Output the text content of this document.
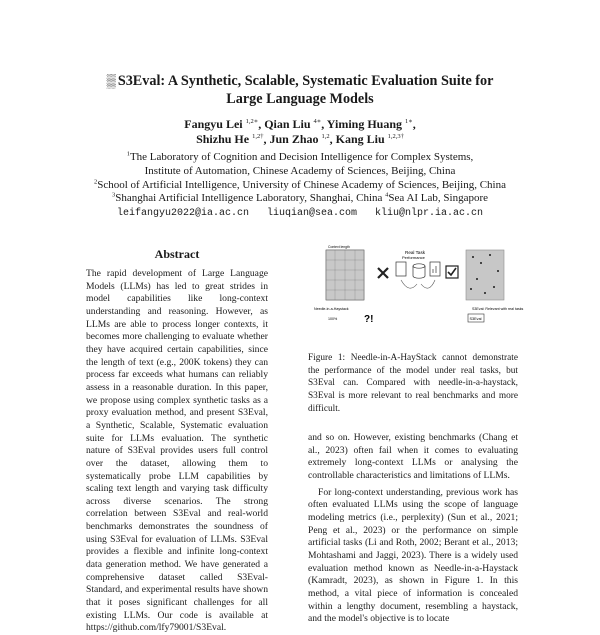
▒ S3Eval: A Synthetic, Scalable, Systematic Evaluation Suite for
Large Language Models
Fangyu Lei $^{1,2∗}$, Qian Liu $^{4∗}$, Yiming Huang $^{1∗}$,
Shizhu He $^{1,2\dagger}$, Jun Zhao $^{1,2}$, Kang Liu $^{1,2,3\dagger}$
$^1$The Laboratory of Cognition and Decision Intelligence for Complex Systems,
Institute of Automation, Chinese Academy of Sciences, Beijing, China
$^2$School of Artificial Intelligence, University of Chinese Academy of Sciences, Beijing, China
$^3$Shanghai Artificial Intelligence Laboratory, Shanghai, China $^4$Sea AI Lab, Singapore
leifangyu2022@ia.ac.cn   liuqian@sea.com   kliu@nlpr.ia.ac.cn
Abstract

The rapid development of Large Language Models (LLMs) has led to great strides in model capabilities like long-context understanding and reasoning. However, as LLMs are able to process longer contexts, it becomes more challenging to evaluate whether they have acquired certain capabilities, since the length of text (e.g., 200K tokens) they can process far exceeds what humans can reliably assess in a reasonable duration. In this paper, we propose using complex synthetic tasks as a proxy evaluation method, and present S3Eval, a Synthetic, Scalable, Systematic evaluation suite for LLMs evaluation. The synthetic nature of S3Eval provides users full control over the dataset, allowing them to systematically probe LLM capabilities by scaling text length and varying task difficulty across diverse scenarios. The strong correlation between S3Eval and real-world benchmarks demonstrates the soundness of using S3Eval for evaluation of LLMs. S3Eval provides a flexible and infinite long-context data generation method. We have generated a comprehensive dataset called S3Eval-Standard, and experimental results have shown that it poses significant challenges for all existing LLMs. Our code is available at https://github.com/lfy79001/S3Eval.

Context length
Needle-in-a-Haystack
100%	?!
Real Task
Performance
S3Eval: Relevant with real tasks
S3Eval
Figure 1: Needle-in-A-HayStack cannot demonstrate the performance of the model under real tasks, but S3Eval can. Compared with needle-in-a-haystack, S3Eval is more relevant to real benchmarks and more difficult.

and so on. However, existing benchmarks (Chang et al., 2023) often fail when it comes to evaluating extremely long-context LLMs or analysing the controllable characteristics and limitations of LLMs.

For long-context understanding, previous work has often evaluated LLMs using the scope of language modeling metrics (i.e., perplexity) (Sun et al., 2021; Peng et al., 2023) or the performance on simple artificial tasks (Li and Roth, 2002; Berant et al., 2013; Mohtashami and Jaggi, 2023). There is a widely used evaluation method known as Needle-in-a-Haystack (Kamradt, 2023), as shown in Figure 1. In this method, a vital piece of information is concealed within a lengthy document, resembling a haystack, and the model's objective is to locate
